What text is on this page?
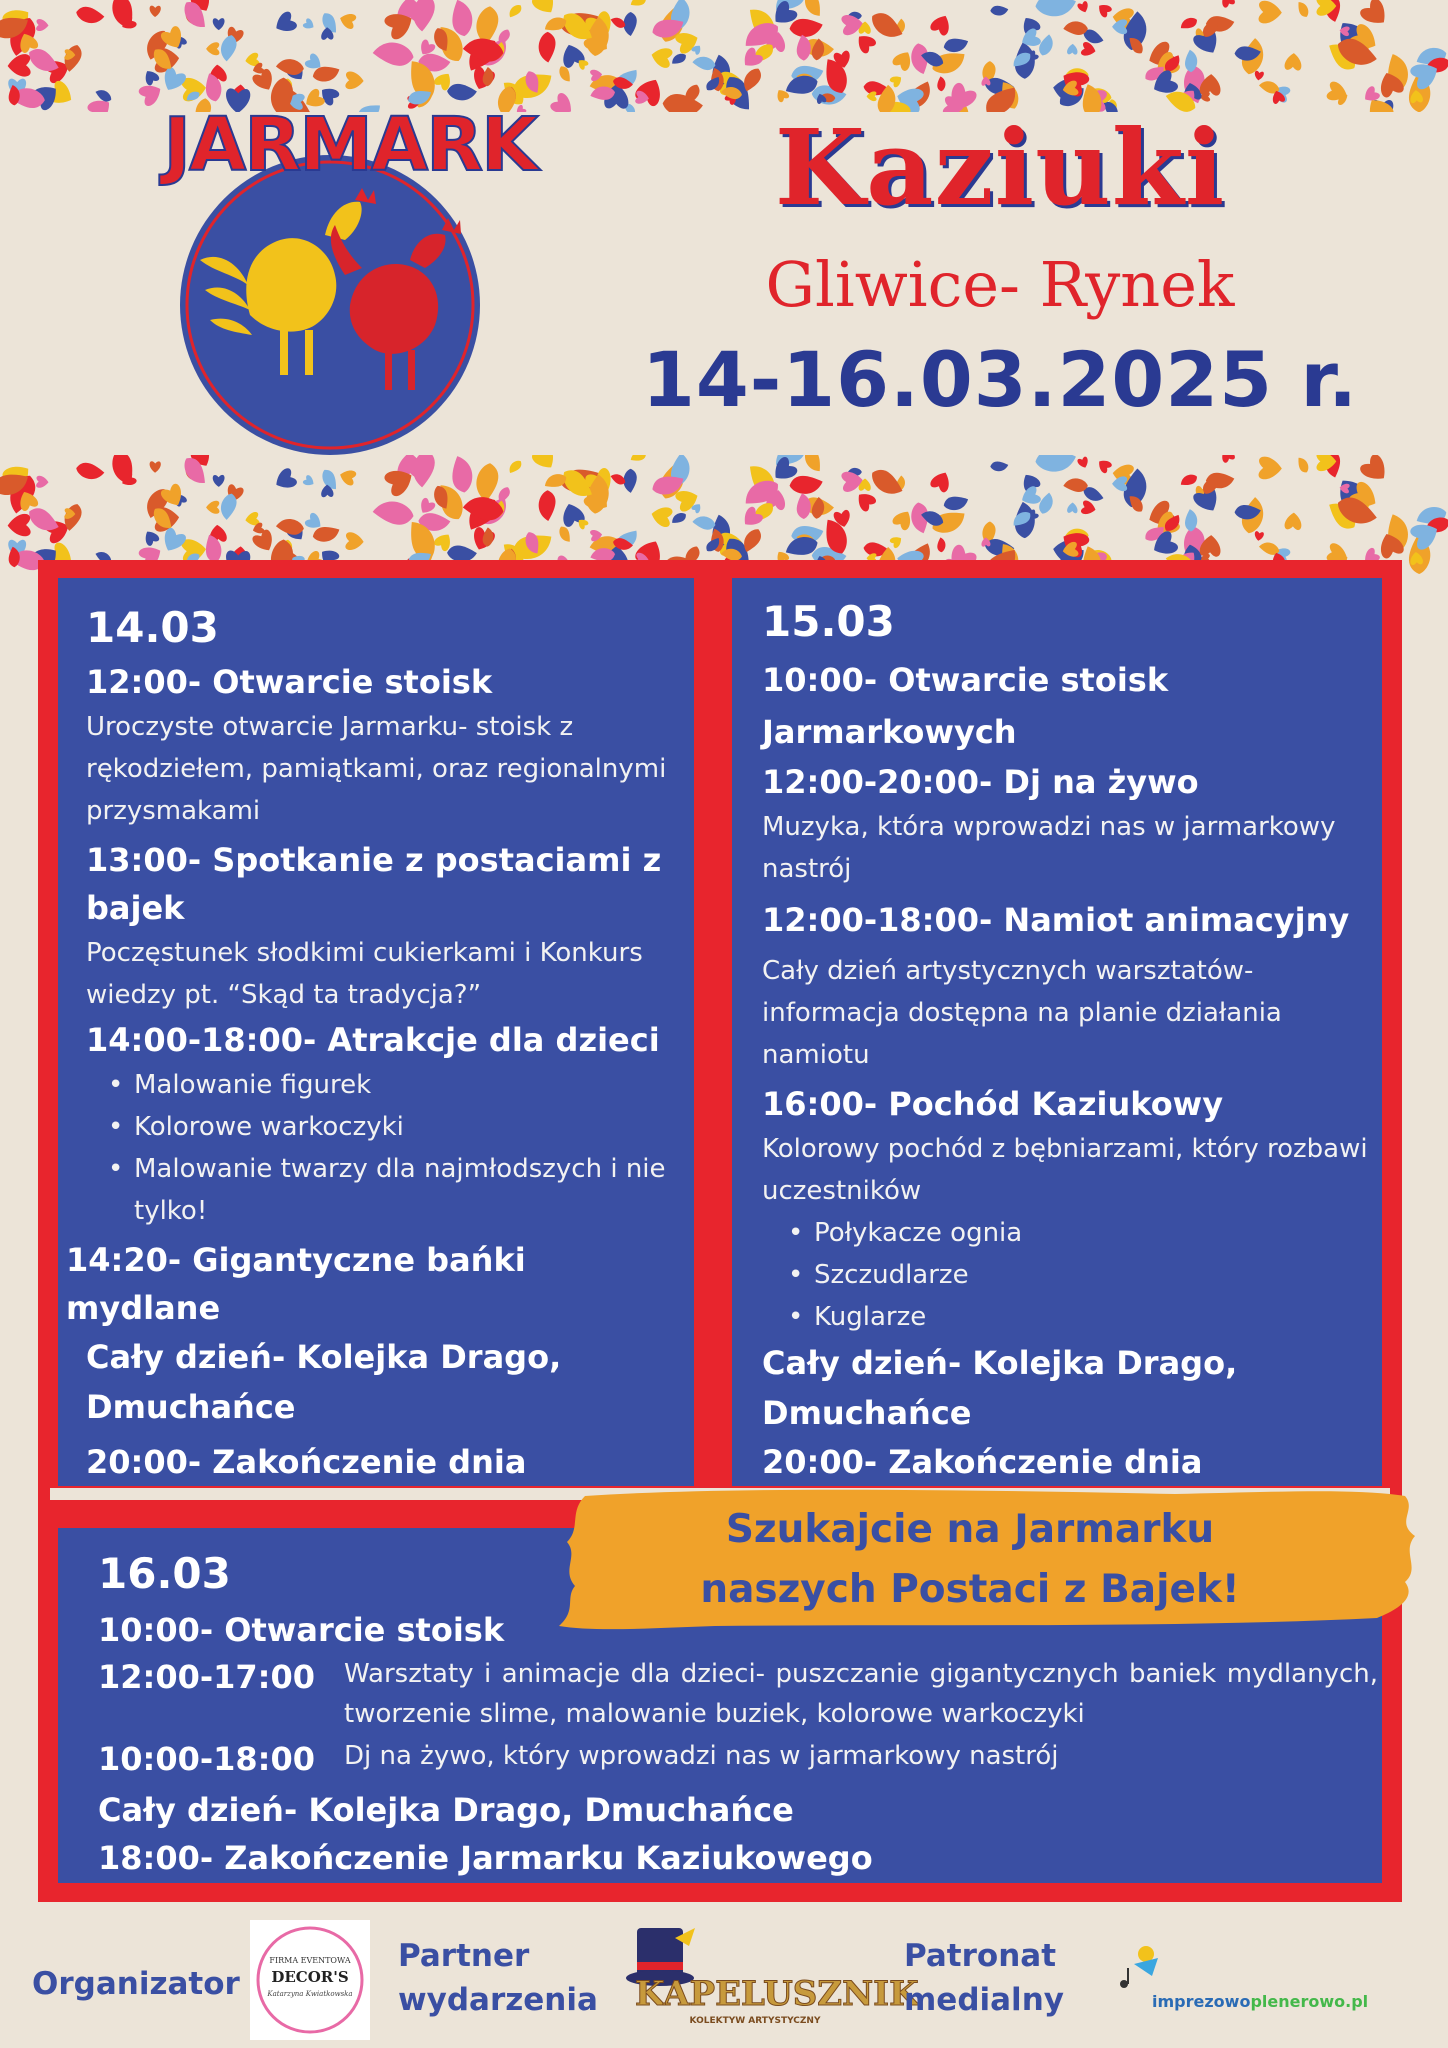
JARMARK	Kaziuki
Gliwice- Rynek
14-16.03.2025 r.

14.03

12:00- Otwarcie stoisk

Uroczyste otwarcie Jarmarku- stoisk z rękodziełem, pamiątkami, oraz regionalnymi przysmakami

13:00- Spotkanie z postaciami z bajek

Poczęstunek słodkimi cukierkami i Konkurs wiedzy pt. “Skąd ta tradycja?”

14:00-18:00- Atrakcje dla dzieci

• Malowanie figurek
• Kolorowe warkoczyki
• Malowanie twarzy dla najmłodszych i nie tylko!

14:20- Gigantyczne bańki mydlane

Cały dzień- Kolejka Drago, Dmuchańce

20:00- Zakończenie dnia

15.03

10:00- Otwarcie stoisk Jarmarkowych

12:00-20:00- Dj na żywo

Muzyka, która wprowadzi nas w jarmarkowy nastrój

12:00-18:00- Namiot animacyjny

Cały dzień artystycznych warsztatów- informacja dostępna na planie działania namiotu

16:00- Pochód Kaziukowy

Kolorowy pochód z bębniarzami, który rozbawi uczestników

• Połykacze ognia
• Szczudlarze
• Kuglarze

Cały dzień- Kolejka Drago, Dmuchańce

20:00- Zakończenie dnia

16.03

10:00- Otwarcie stoisk

12:00-17:00	Warsztaty i animacje dla dzieci- puszczanie gigantycznych baniek mydlanych, tworzenie slime, malowanie buziek, kolorowe warkoczyki
10:00-18:00	Dj na żywo, który wprowadzi nas w jarmarkowy nastrój

Cały dzień- Kolejka Drago, Dmuchańce

18:00- Zakończenie Jarmarku Kaziukowego

Szukajcie na Jarmarku
naszych Postaci z Bajek!
Organizator
FIRMA EVENTOWA
DECOR'S
Katarzyna Kwiatkowska
Partner
wydarzenia KAPELUSZNIK
KOLEKTYW ARTYSTYCZNY
Patronat
medialny	imprezowoplenerowo.pl
